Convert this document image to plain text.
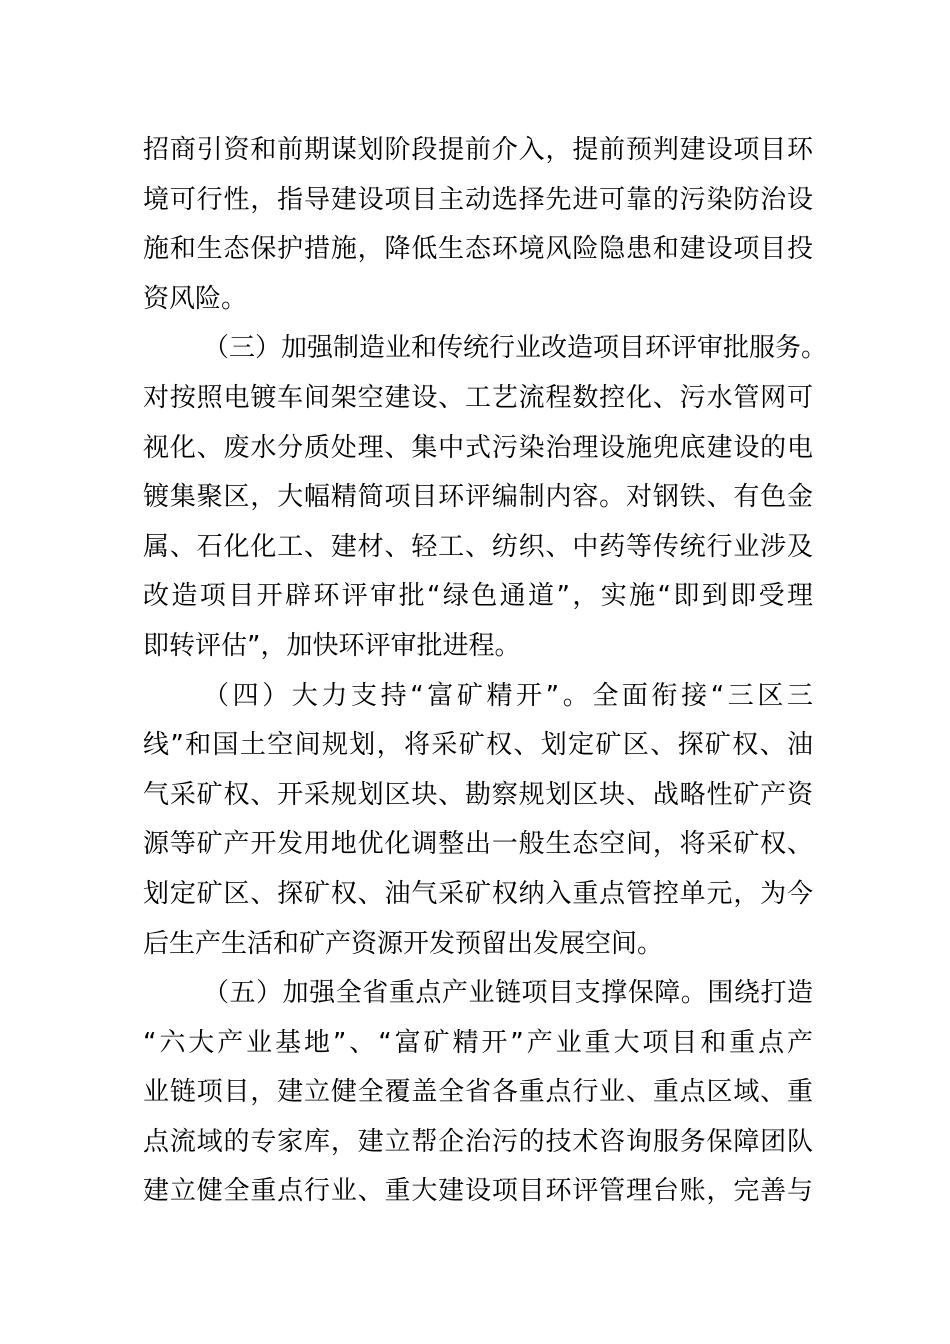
招商引资和前期谋划阶段提前介入，提前预判建设项目环
境可行性，指导建设项目主动选择先进可靠的污染防治设
施和生态保护措施，降低生态环境风险隐患和建设项目投
资风险。
（三）加强制造业和传统行业改造项目环评审批服务。
对按照电镀车间架空建设、工艺流程数控化、污水管网可
视化、废水分质处理、集中式污染治理设施兜底建设的电
镀集聚区，大幅精简项目环评编制内容。对钢铁、有色金
属、石化化工、建材、轻工、纺织、中药等传统行业涉及
改造项目开辟环评审批“绿色通道”，实施“即到即受理
即转评估”，加快环评审批进程。
（四）大力支持“富矿精开”。全面衔接“三区三
线”和国土空间规划，将采矿权、划定矿区、探矿权、油
气采矿权、开采规划区块、勘察规划区块、战略性矿产资
源等矿产开发用地优化调整出一般生态空间，将采矿权、
划定矿区、探矿权、油气采矿权纳入重点管控单元，为今
后生产生活和矿产资源开发预留出发展空间。
（五）加强全省重点产业链项目支撑保障。围绕打造
“六大产业基地”、“富矿精开”产业重大项目和重点产
业链项目，建立健全覆盖全省各重点行业、重点区域、重
点流域的专家库，建立帮企治污的技术咨询服务保障团队
建立健全重点行业、重大建设项目环评管理台账，完善与
